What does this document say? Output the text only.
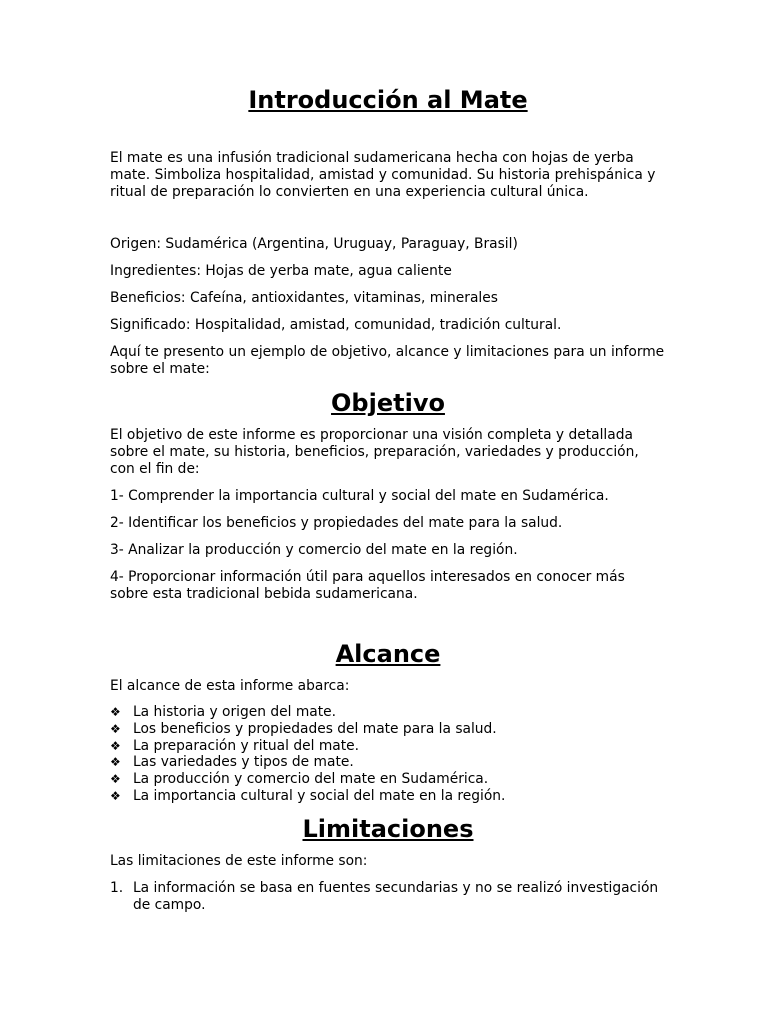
Introducción al Mate

El mate es una infusión tradicional sudamericana hecha con hojas de yerba mate. Simboliza hospitalidad, amistad y comunidad. Su historia prehispánica y ritual de preparación lo convierten en una experiencia cultural única.

Origen: Sudamérica (Argentina, Uruguay, Paraguay, Brasil)

Ingredientes: Hojas de yerba mate, agua caliente

Beneficios: Cafeína, antioxidantes, vitaminas, minerales

Significado: Hospitalidad, amistad, comunidad, tradición cultural.

Aquí te presento un ejemplo de objetivo, alcance y limitaciones para un informe sobre el mate:

Objetivo

El objetivo de este informe es proporcionar una visión completa y detallada sobre el mate, su historia, beneficios, preparación, variedades y producción, con el fin de:

1- Comprender la importancia cultural y social del mate en Sudamérica.

2- Identificar los beneficios y propiedades del mate para la salud.

3- Analizar la producción y comercio del mate en la región.

4- Proporcionar información útil para aquellos interesados en conocer más sobre esta tradicional bebida sudamericana.

Alcance

El alcance de esta informe abarca:

❖ La historia y origen del mate.
❖ Los beneficios y propiedades del mate para la salud.
❖ La preparación y ritual del mate.
❖ Las variedades y tipos de mate.
❖ La producción y comercio del mate en Sudamérica.
❖ La importancia cultural y social del mate en la región.
Limitaciones

Las limitaciones de este informe son:

1. La información se basa en fuentes secundarias y no se realizó investigación de campo.
